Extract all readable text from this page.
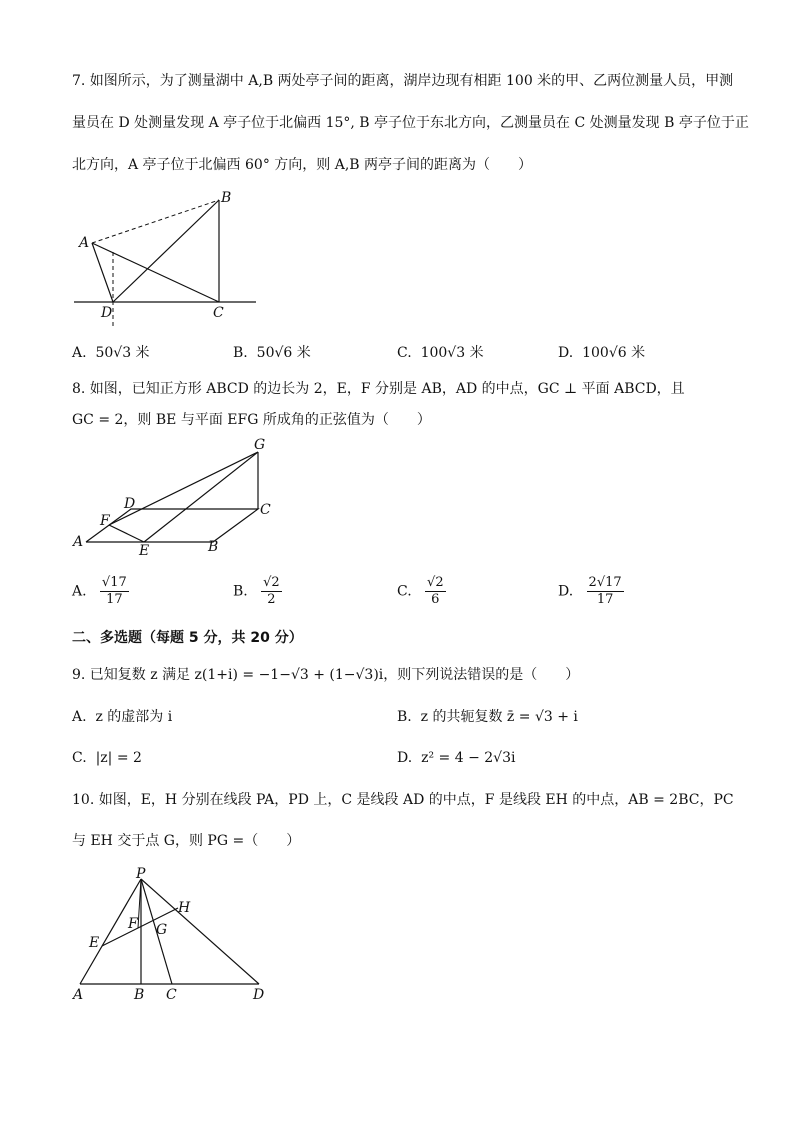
7. 如图所示，为了测量湖中 A,B 两处亭子间的距离，湖岸边现有相距 100 米的甲、乙两位测量人员，甲测
量员在 D 处测量发现 A 亭子位于北偏西 15°, B 亭子位于东北方向，乙测量员在 C 处测量发现 B 亭子位于正
北方向，A 亭子位于北偏西 60° 方向，则 A,B 两亭子间的距离为（　　）
A
B
C
D
A. 50√3 米	B. 50√6 米	C. 100√3 米	D. 100√6 米
8. 如图，已知正方形 ABCD 的边长为 2，E，F 分别是 AB，AD 的中点，GC ⊥ 平面 ABCD，且
GC = 2，则 BE 与平面 EFG 所成角的正弦值为（　　）
A	B
C
D
E
F
G
A. $\frac{√17}{17}$	B. $\frac{√2}{2}$	C. $\frac{√2}{6}$	D. $\frac{2√17}{17}$
二、多选题（每题 5 分，共 20 分）
9. 已知复数 z 满足 z(1+i) = −1−√3 + (1−√3)i，则下列说法错误的是（　　）
A. z 的虚部为 i	B. z 的共轭复数 z̄ = √3 + i
C. |z| = 2	D. z² = 4 − 2√3i
10. 如图，E，H 分别在线段 PA，PD 上，C 是线段 AD 的中点，F 是线段 EH 的中点，AB = 2BC，PC
与 EH 交于点 G，则 PG =（　　）
P
E
F G
H
A	B C	D
